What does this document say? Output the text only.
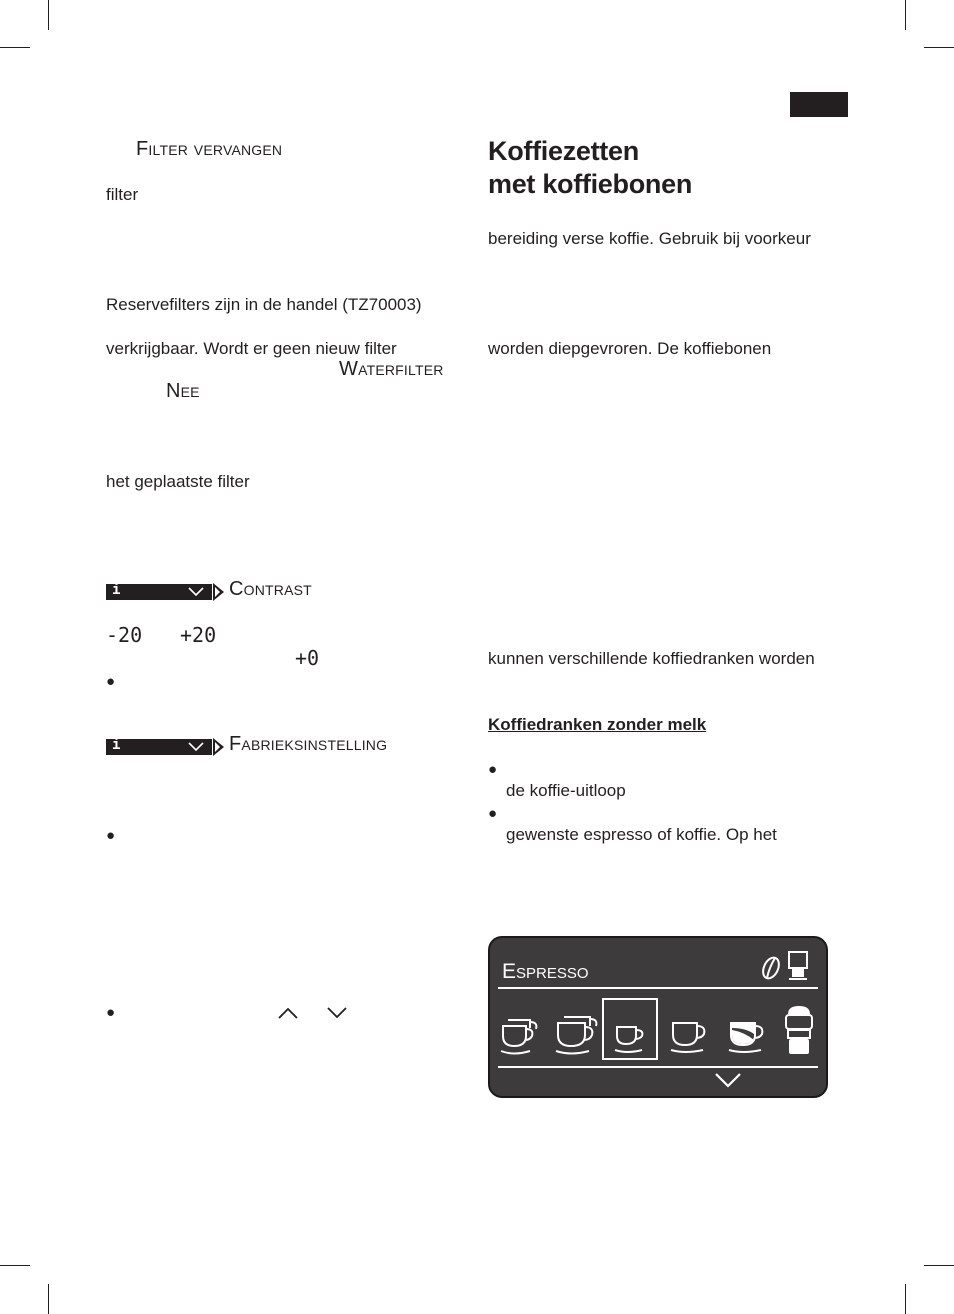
Filter vervangen
filter
Reservefilters zijn in de handel (TZ70003)
verkrijgbaar. Wordt er geen nieuw filter
Waterfilter
Nee
het geplaatste filter
i	Contrast
-20 +20
+0
●
i	Fabrieksinstelling
●
●
Koffiezetten
met koffiebonen
bereiding verse koffie. Gebruik bij voorkeur
worden diepgevroren. De koffiebonen
kunnen verschillende koffiedranken worden
Koffiedranken zonder melk
●
de koffie-uitloop
●
gewenste espresso of koffie. Op het
Espresso
